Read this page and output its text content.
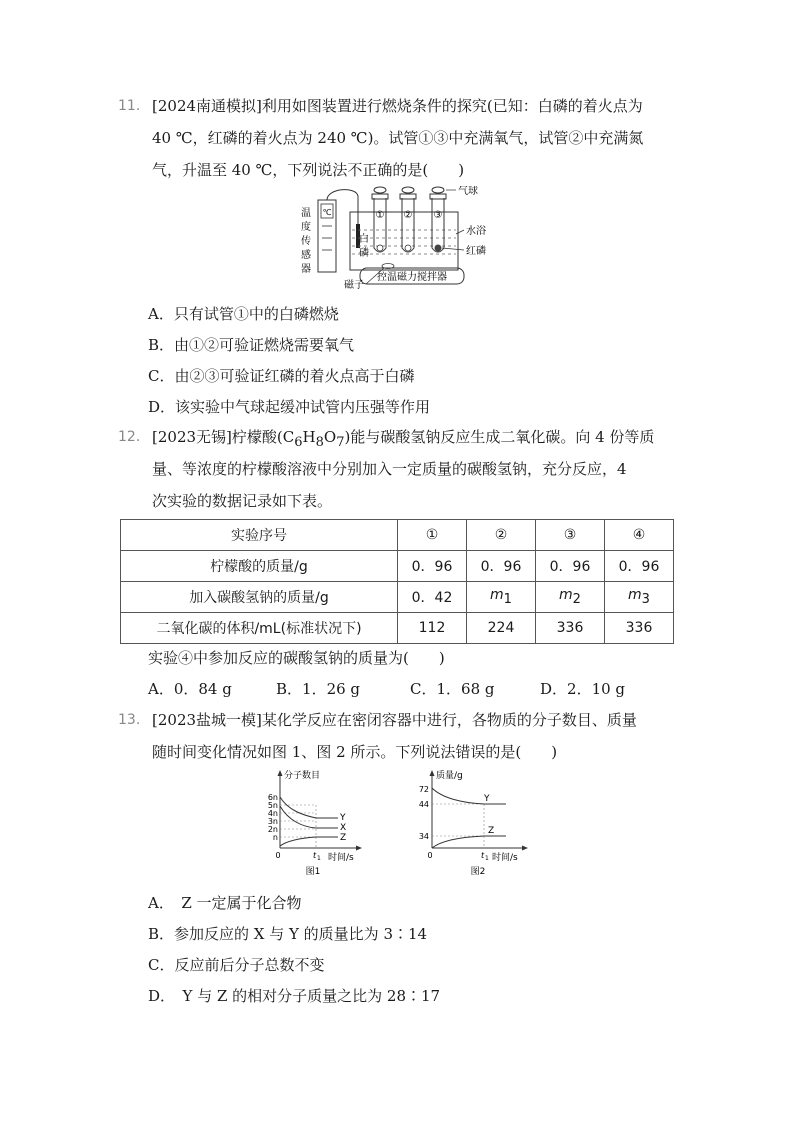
11. [2024南通模拟]利用如图装置进行燃烧条件的探究(已知：白磷的着火点为
40 ℃，红磷的着火点为 240 ℃)。试管①③中充满氧气，试管②中充满氮
气，升温至 40 ℃，下列说法不正确的是(　　)
℃
温
度
传
感
器
① ② ③
气球
水浴
红磷
白
磷
控温磁力搅拌器
磁子
A．只有试管①中的白磷燃烧
B．由①②可验证燃烧需要氧气
C．由②③可验证红磷的着火点高于白磷
D．该实验中气球起缓冲试管内压强等作用
12. [2023无锡]柠檬酸$(C_6H_8O_7)$能与碳酸氢钠反应生成二氧化碳。向 4 份等质
量、等浓度的柠檬酸溶液中分别加入一定质量的碳酸氢钠，充分反应，4
次实验的数据记录如下表。
实验序号	①	②	③	④
柠檬酸的质量/g	0．96	0．96	0．96	0．96
加入碳酸氢钠的质量/g	0．42	$m_1$	$m_2$	$m_3$
二氧化碳的体积/mL(标准状况下)	112	224	336	336
实验④中参加反应的碳酸氢钠的质量为(　　)
A．0．84 g	B．1．26 g	C．1．68 g	D．2．10 g
13. [2023盐城一模]某化学反应在密闭容器中进行，各物质的分子数目、质量
随时间变化情况如图 1、图 2 所示。下列说法错误的是(　　)
分子数目
6n
5n
4n
3n
2n
n
Y
X
Z
0	t 1 时间/s
图1
质量/g
72
44
34
Y
Z
0	t 1 时间/s
图2
A．　Z 一定属于化合物
B．参加反应的 X 与 Y 的质量比为 3∶14
C．反应前后分子总数不变
D．　Y 与 Z 的相对分子质量之比为 28∶17
